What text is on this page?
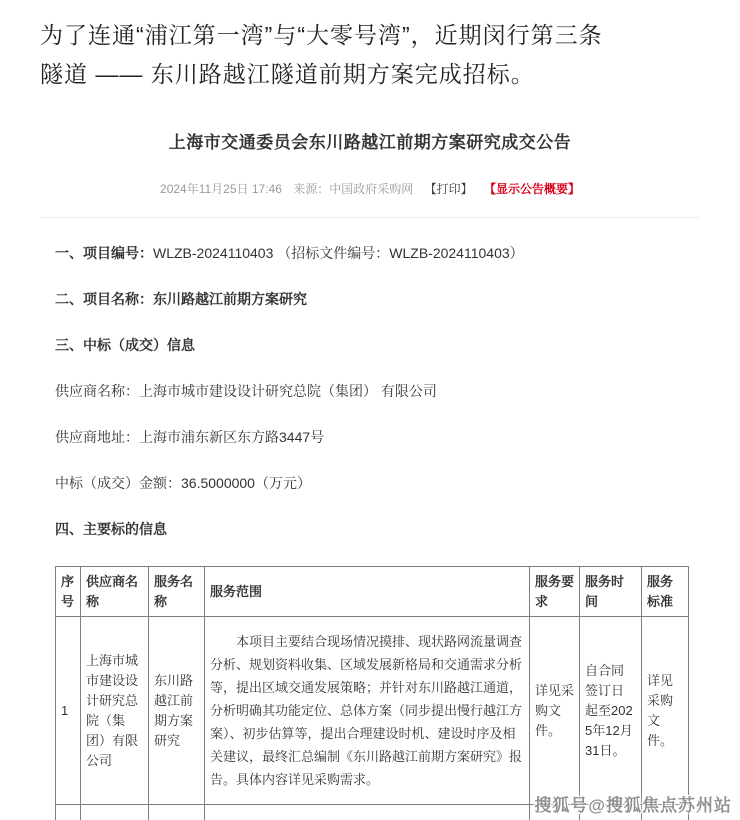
为了连通“浦江第一湾”与“大零号湾”，近期闵行第三条
隧道 —— 东川路越江隧道前期方案完成招标。
上海市交通委员会东川路越江前期方案研究成交公告
2024年11月25日 17:46 来源：中国政府采购网 【打印】 【显示公告概要】

一、项目编号：WLZB-2024110403 （招标文件编号：WLZB-2024110403）

二、项目名称：东川路越江前期方案研究

三、中标（成交）信息

供应商名称：上海市城市建设设计研究总院（集团） 有限公司

供应商地址：上海市浦东新区东方路3447号

中标（成交）金额：36.5000000（万元）

四、主要标的信息

序号	供应商名称	服务名称	服务范围	服务要求	服务时间	服务标准
1	上海市城市建设设计研究总院（集团）有限公司	东川路越江前期方案研究	本项目主要结合现场情况摸排、现状路网流量调查分析、规划资料收集、区域发展新格局和交通需求分析等，提出区域交通发展策略；并针对东川路越江通道，分析明确其功能定位、总体方案（同步提出慢行越江方案）、初步估算等，提出合理建设时机、建设时序及相关建议，最终汇总编制《东川路越江前期方案研究》报告。具体内容详见采购需求。	详见采购文件。	自合同签订日起至2025年12月31日。	详见采购文件。

搜狐号@搜狐焦点苏州站
